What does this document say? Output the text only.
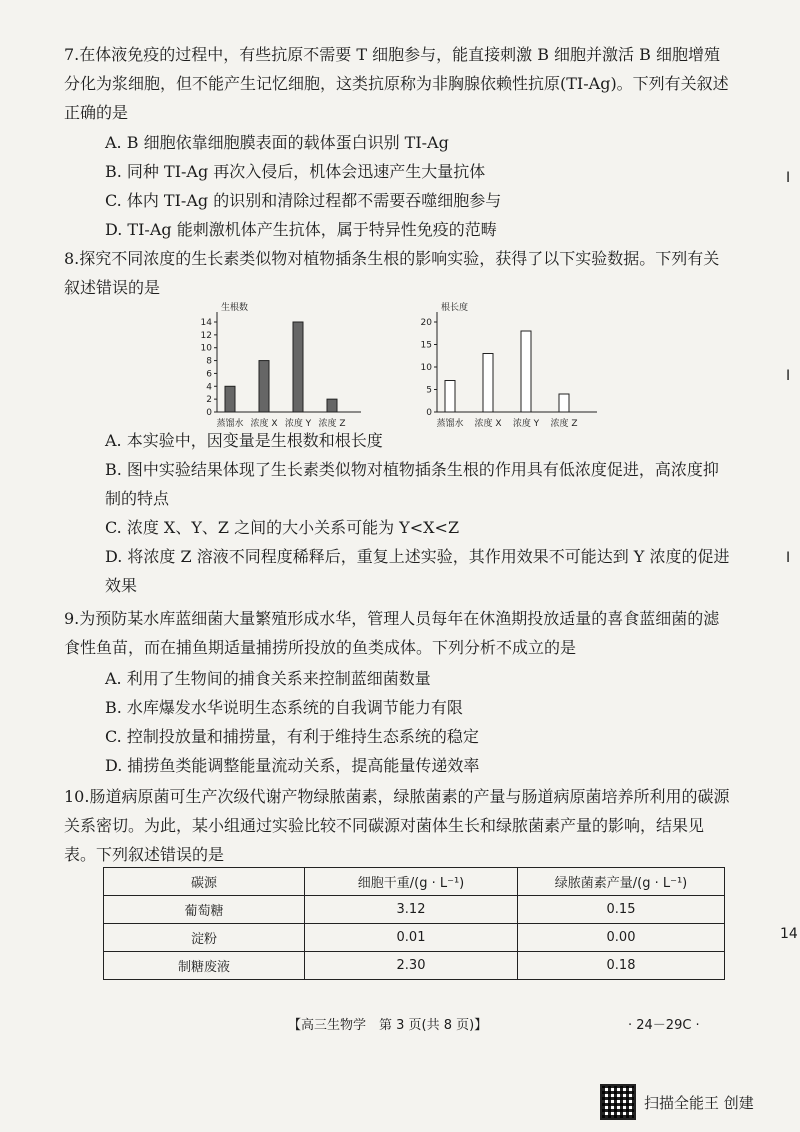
7.在体液免疫的过程中，有些抗原不需要 T 细胞参与，能直接刺激 B 细胞并激活 B 细胞增殖分化为浆细胞，但不能产生记忆细胞，这类抗原称为非胸腺依赖性抗原(TI-Ag)。下列有关叙述正确的是
A. B 细胞依靠细胞膜表面的载体蛋白识别 TI-Ag
B. 同种 TI-Ag 再次入侵后，机体会迅速产生大量抗体
C. 体内 TI-Ag 的识别和清除过程都不需要吞噬细胞参与
D. TI-Ag 能刺激机体产生抗体，属于特异性免疫的范畴
8.探究不同浓度的生长素类似物对植物插条生根的影响实验，获得了以下实验数据。下列有关叙述错误的是
生根数
0
2
4
6
8
10
12
14
蒸馏水 浓度 X 浓度 Y 浓度 Z
根长度
0
5
10
15
20
蒸馏水 浓度 X 浓度 Y 浓度 Z
A. 本实验中，因变量是生根数和根长度
B. 图中实验结果体现了生长素类似物对植物插条生根的作用具有低浓度促进，高浓度抑制的特点
C. 浓度 X、Y、Z 之间的大小关系可能为 Y<X<Z
D. 将浓度 Z 溶液不同程度稀释后，重复上述实验，其作用效果不可能达到 Y 浓度的促进效果
9.为预防某水库蓝细菌大量繁殖形成水华，管理人员每年在休渔期投放适量的喜食蓝细菌的滤食性鱼苗，而在捕鱼期适量捕捞所投放的鱼类成体。下列分析不成立的是
A. 利用了生物间的捕食关系来控制蓝细菌数量
B. 水库爆发水华说明生态系统的自我调节能力有限
C. 控制投放量和捕捞量，有利于维持生态系统的稳定
D. 捕捞鱼类能调整能量流动关系，提高能量传递效率
10.肠道病原菌可生产次级代谢产物绿脓菌素，绿脓菌素的产量与肠道病原菌培养所利用的碳源关系密切。为此，某小组通过实验比较不同碳源对菌体生长和绿脓菌素产量的影响，结果见表。下列叙述错误的是
碳源	细胞干重/(g · L⁻¹)	绿脓菌素产量/(g · L⁻¹)
葡萄糖	3.12	0.15
淀粉	0.01	0.00
制糖废液	2.30	0.18
【高三生物学　第 3 页(共 8 页)】	· 24－29C ·
扫描全能王 创建
I
I
I
14
